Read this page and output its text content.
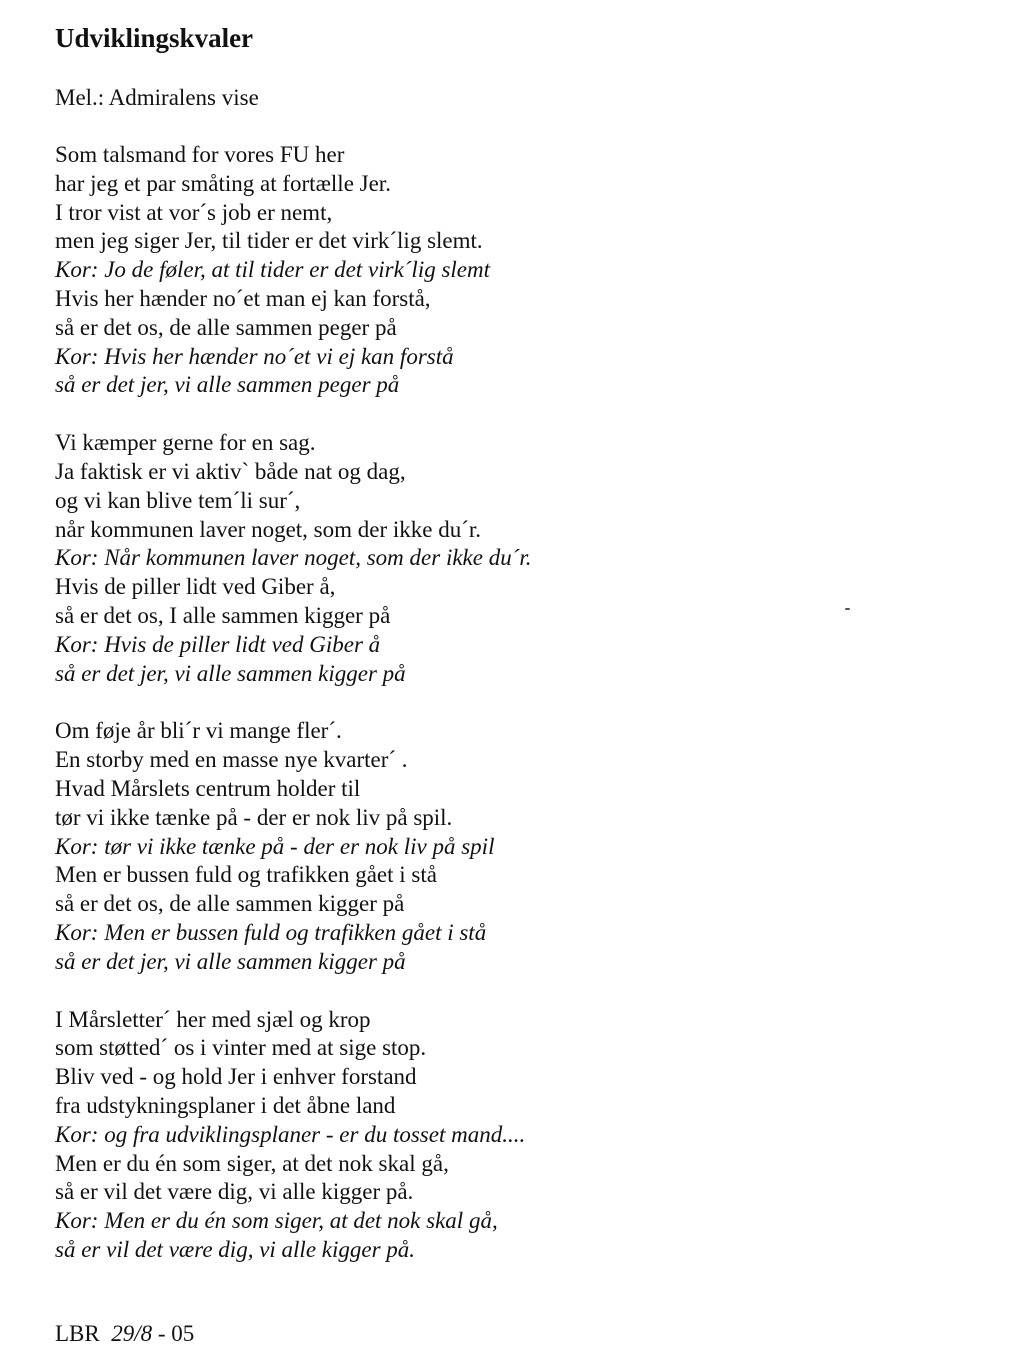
Udviklingskvaler
Mel.: Admiralens vise
Som talsmand for vores FU her
har jeg et par småting at fortælle Jer.
I tror vist at vor´s job er nemt,
men jeg siger Jer, til tider er det virk´lig slemt.
Kor: Jo de føler, at til tider er det virk´lig slemt
Hvis her hænder no´et man ej kan forstå,
så er det os, de alle sammen peger på
Kor: Hvis her hænder no´et vi ej kan forstå
så er det jer, vi alle sammen peger på
Vi kæmper gerne for en sag.
Ja faktisk er vi aktiv` både nat og dag,
og vi kan blive tem´li sur´,
når kommunen laver noget, som der ikke du´r.
Kor: Når kommunen laver noget, som der ikke du´r.
Hvis de piller lidt ved Giber å,
så er det os, I alle sammen kigger på
Kor: Hvis de piller lidt ved Giber å
så er det jer, vi alle sammen kigger på
Om føje år bli´r vi mange fler´.
En storby med en masse nye kvarter´ .
Hvad Mårslets centrum holder til
tør vi ikke tænke på - der er nok liv på spil.
Kor: tør vi ikke tænke på - der er nok liv på spil
Men er bussen fuld og trafikken gået i stå
så er det os, de alle sammen kigger på
Kor: Men er bussen fuld og trafikken gået i stå
så er det jer, vi alle sammen kigger på
I Mårsletter´ her med sjæl og krop
som støtted´ os i vinter med at sige stop.
Bliv ved - og hold Jer i enhver forstand
fra udstykningsplaner i det åbne land
Kor: og fra udviklingsplaner - er du tosset mand....
Men er du én som siger, at det nok skal gå,
så er vil det være dig, vi alle kigger på.
Kor: Men er du én som siger, at det nok skal gå,
så er vil det være dig, vi alle kigger på.
LBR 29/8 - 05
